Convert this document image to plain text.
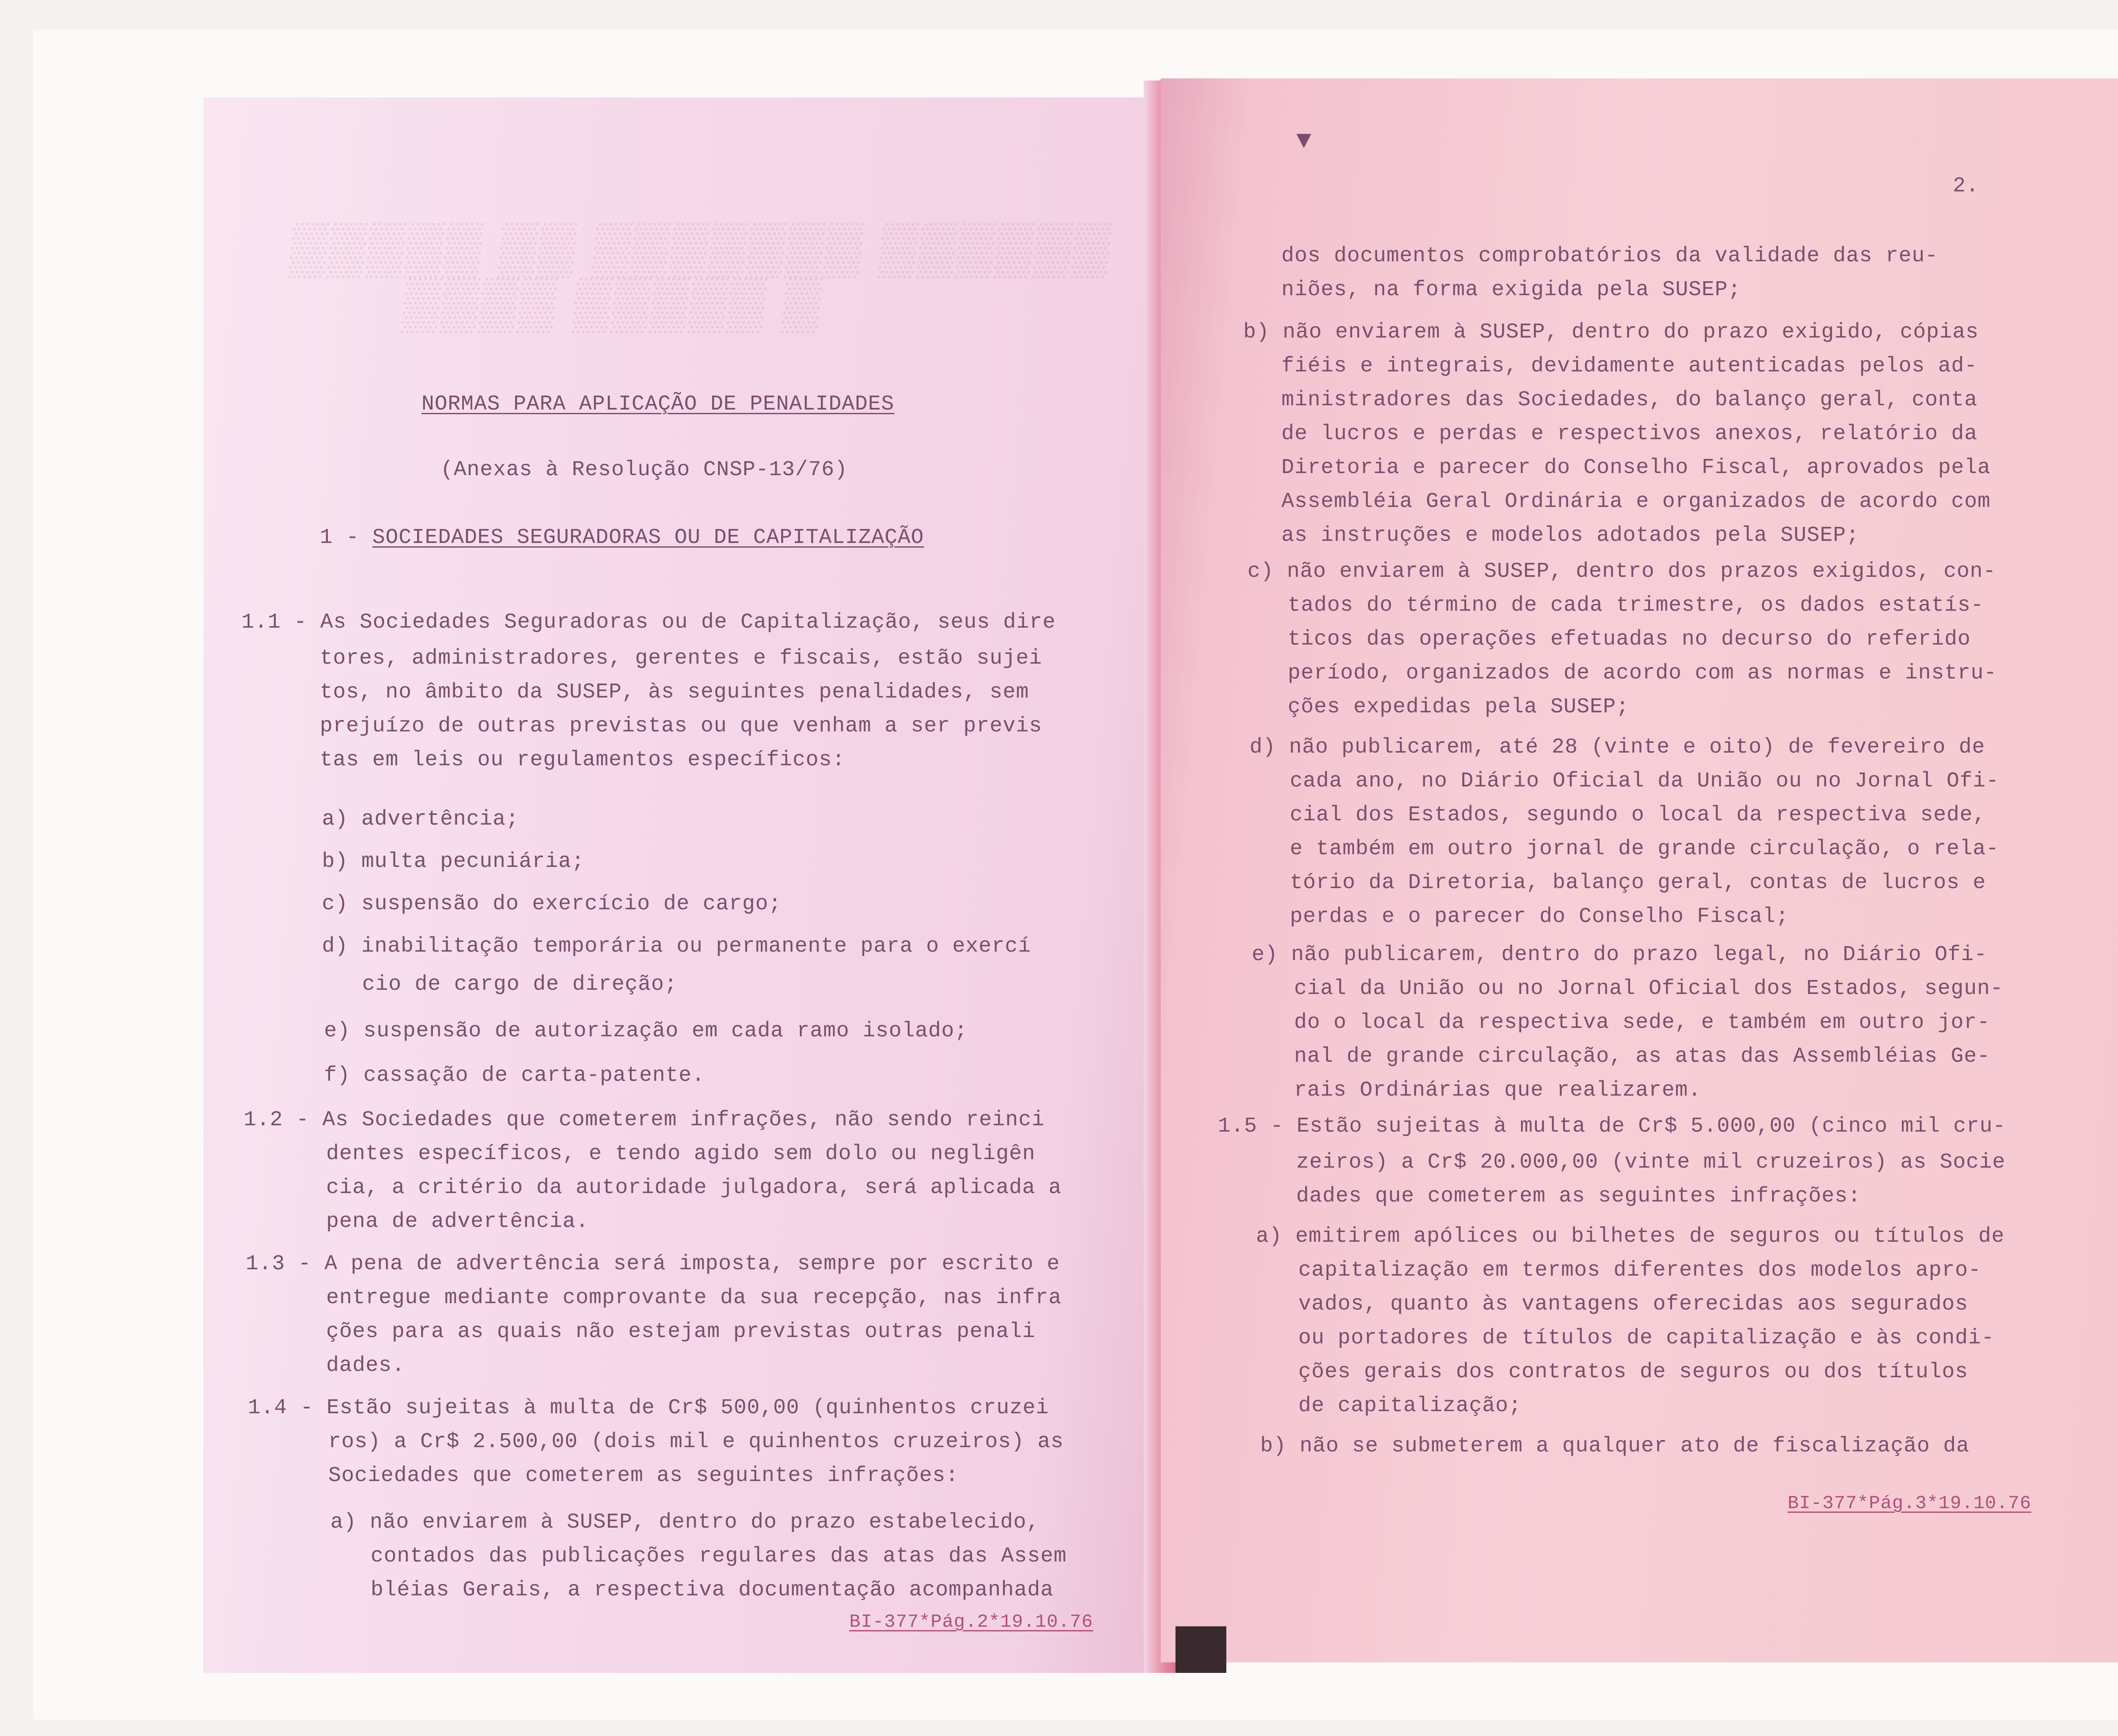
▒▒▒▒▒ ▒▒ ▒▒▒▒▒▒▒ ▒▒▒▒▒▒
▒▒▒▒ ▒▒▒▒▒ ▒
NORMAS PARA APLICAÇÃO DE PENALIDADES
(Anexas à Resolução CNSP-13/76)
1 - SOCIEDADES SEGURADORAS OU DE CAPITALIZAÇÃO
1.1 - As Sociedades Seguradoras ou de Capitalização, seus dire
tores, administradores, gerentes e fiscais, estão sujei
tos, no âmbito da SUSEP, às seguintes penalidades, sem
prejuízo de outras previstas ou que venham a ser previs
tas em leis ou regulamentos específicos:
a) advertência;
b) multa pecuniária;
c) suspensão do exercício de cargo;
d) inabilitação temporária ou permanente para o exercí
cio de cargo de direção;
e) suspensão de autorização em cada ramo isolado;
f) cassação de carta-patente.
1.2 - As Sociedades que cometerem infrações, não sendo reinci
dentes específicos, e tendo agido sem dolo ou negligên
cia, a critério da autoridade julgadora, será aplicada a
pena de advertência.
1.3 - A pena de advertência será imposta, sempre por escrito e
entregue mediante comprovante da sua recepção, nas infra
ções para as quais não estejam previstas outras penali
dades.
1.4 - Estão sujeitas à multa de Cr$ 500,00 (quinhentos cruzei
ros) a Cr$ 2.500,00 (dois mil e quinhentos cruzeiros) as
Sociedades que cometerem as seguintes infrações:
a) não enviarem à SUSEP, dentro do prazo estabelecido,
contados das publicações regulares das atas das Assem
bléias Gerais, a respectiva documentação acompanhada
BI-377*Pág.2*19.10.76
▼
2.
dos documentos comprobatórios da validade das reu-
niões, na forma exigida pela SUSEP;
b) não enviarem à SUSEP, dentro do prazo exigido, cópias
fiéis e integrais, devidamente autenticadas pelos ad-
ministradores das Sociedades, do balanço geral, conta
de lucros e perdas e respectivos anexos, relatório da
Diretoria e parecer do Conselho Fiscal, aprovados pela
Assembléia Geral Ordinária e organizados de acordo com
as instruções e modelos adotados pela SUSEP;
c) não enviarem à SUSEP, dentro dos prazos exigidos, con-
tados do término de cada trimestre, os dados estatís-
ticos das operações efetuadas no decurso do referido
período, organizados de acordo com as normas e instru-
ções expedidas pela SUSEP;
d) não publicarem, até 28 (vinte e oito) de fevereiro de
cada ano, no Diário Oficial da União ou no Jornal Ofi-
cial dos Estados, segundo o local da respectiva sede,
e também em outro jornal de grande circulação, o rela-
tório da Diretoria, balanço geral, contas de lucros e
perdas e o parecer do Conselho Fiscal;
e) não publicarem, dentro do prazo legal, no Diário Ofi-
cial da União ou no Jornal Oficial dos Estados, segun-
do o local da respectiva sede, e também em outro jor-
nal de grande circulação, as atas das Assembléias Ge-
rais Ordinárias que realizarem.
1.5 - Estão sujeitas à multa de Cr$ 5.000,00 (cinco mil cru-
zeiros) a Cr$ 20.000,00 (vinte mil cruzeiros) as Socie
dades que cometerem as seguintes infrações:
a) emitirem apólices ou bilhetes de seguros ou títulos de
capitalização em termos diferentes dos modelos apro-
vados, quanto às vantagens oferecidas aos segurados
ou portadores de títulos de capitalização e às condi-
ções gerais dos contratos de seguros ou dos títulos
de capitalização;
b) não se submeterem a qualquer ato de fiscalização da
BI-377*Pág.3*19.10.76
